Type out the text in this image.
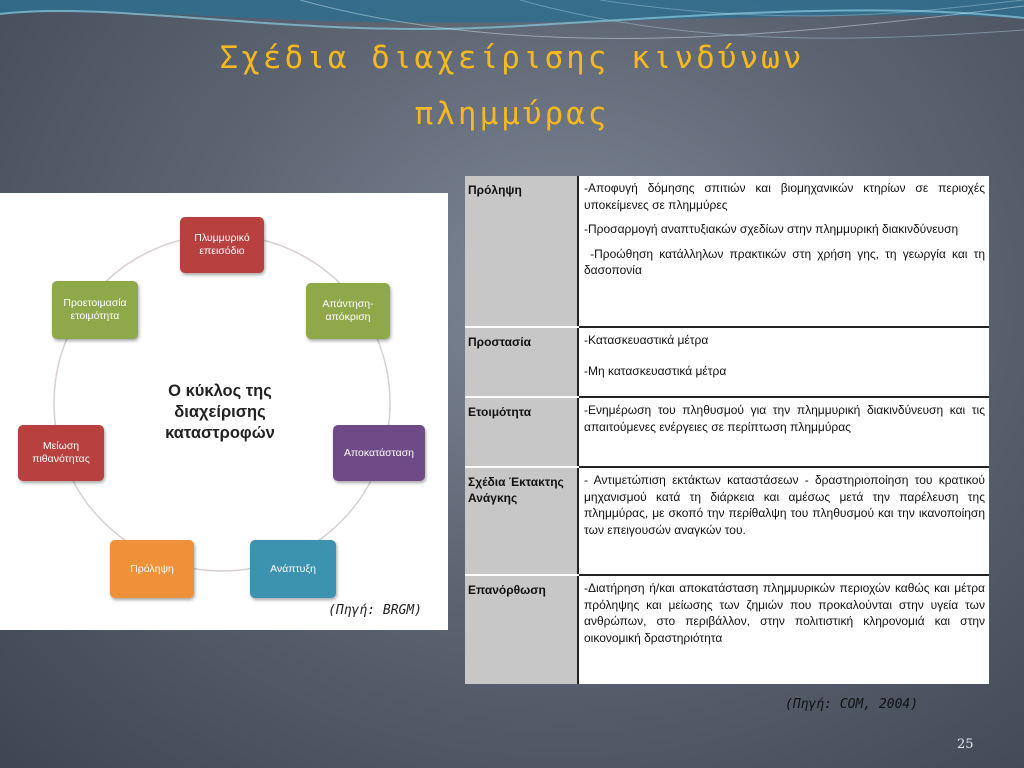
Σχέδια διαχείρισης κινδύνων
πλημμύρας
Πλυμμυρικό επεισόδιο
Απάντηση-απόκριση
Αποκατάσταση
Ανάπτυξη
Πρόληψη
Μείωση πιθανότητας
Προετοιμασία ετοιμότητα
Ο κύκλος της διαχείρισης καταστροφών
(Πηγή: BRGM)
Πρόληψη	-Αποφυγή δόμησης σπιτιών και βιομηχανικών κτηρίων σε περιοχές υποκείμενες σε πλημμύρες

-Προσαρμογή αναπτυξιακών σχεδίων στην πλημμυρική διακινδύνευση

-Προώθηση κατάλληλων πρακτικών στη χρήση γης, τη γεωργία και τη δασοπονία

Προστασία	-Κατασκευαστικά μέτρα

-Μη κατασκευαστικά μέτρα

Ετοιμότητα	-Ενημέρωση του πληθυσμού για την πλημμυρική διακινδύνευση και τις απαιτούμενες ενέργειες σε περίπτωση πλημμύρας

Σχέδια Έκτακτης Ανάγκης

- Αντιμετώπιση εκτάκτων καταστάσεων - δραστηριοποίηση του κρατικού μηχανισμού κατά τη διάρκεια και αμέσως μετά την παρέλευση της πλημμύρας, με σκοπό την περίθαλψη του πληθυσμού και την ικανοποίηση των επειγουσών αναγκών του.

Επανόρθωση	-Διατήρηση ή/και αποκατάσταση πλημμυρικών περιοχών καθώς και μέτρα πρόληψης και μείωσης των ζημιών που προκαλούνται στην υγεία των ανθρώπων, στο περιβάλλον, στην πολιτιστική κληρονομιά και στην οικονομική δραστηριότητα

(Πηγή: COM, 2004)
25
